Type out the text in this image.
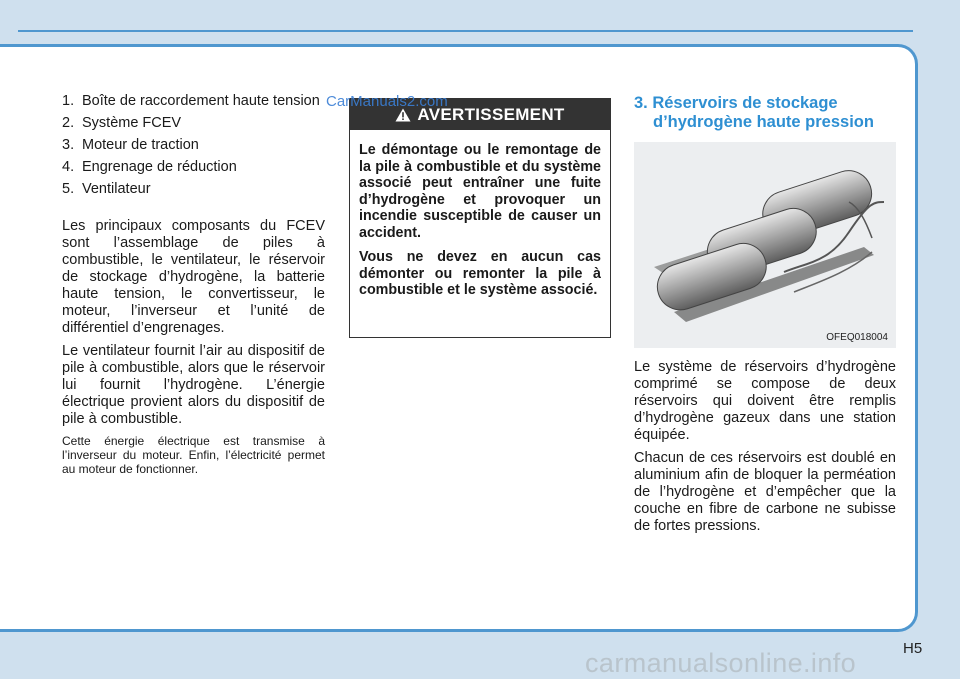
1. Boîte de raccordement haute tension
2. Système FCEV
3. Moteur de traction
4. Engrenage de réduction
5. Ventilateur

Les principaux composants du FCEV sont l’assemblage de piles à combustible, le ventilateur, le réservoir de stockage d’hydrogène, la batterie haute tension, le convertisseur, le moteur, l’inverseur et l’unité de différentiel d’engrenages.

Le ventilateur fournit l’air au dispositif de pile à combustible, alors que le réservoir lui fournit l’hydrogène. L’énergie électrique provient alors du dispositif de pile à combustible.

Cette énergie électrique est transmise à l’inverseur du moteur. Enfin, l’électricité permet au moteur de fonctionner.

AVERTISSEMENT

Le démontage ou le remontage de la pile à combustible et du système associé peut entraîner une fuite d’hydrogène et provoquer un incendie susceptible de causer un accident.

Vous ne devez en aucun cas démonter ou remonter la pile à combustible et le système associé.

CarManuals2.com	3. Réservoirs de stockage
d’hydrogène haute pression
OFEQ018004

Le système de réservoirs d’hydrogène comprimé se compose de deux réservoirs qui doivent être remplis d’hydrogène gazeux dans une station équipée.

Chacun de ces réservoirs est doublé en aluminium afin de bloquer la perméation de l’hydrogène et d’empêcher que la couche en fibre de carbone ne subisse de fortes pressions.

H5
carmanualsonline.info
